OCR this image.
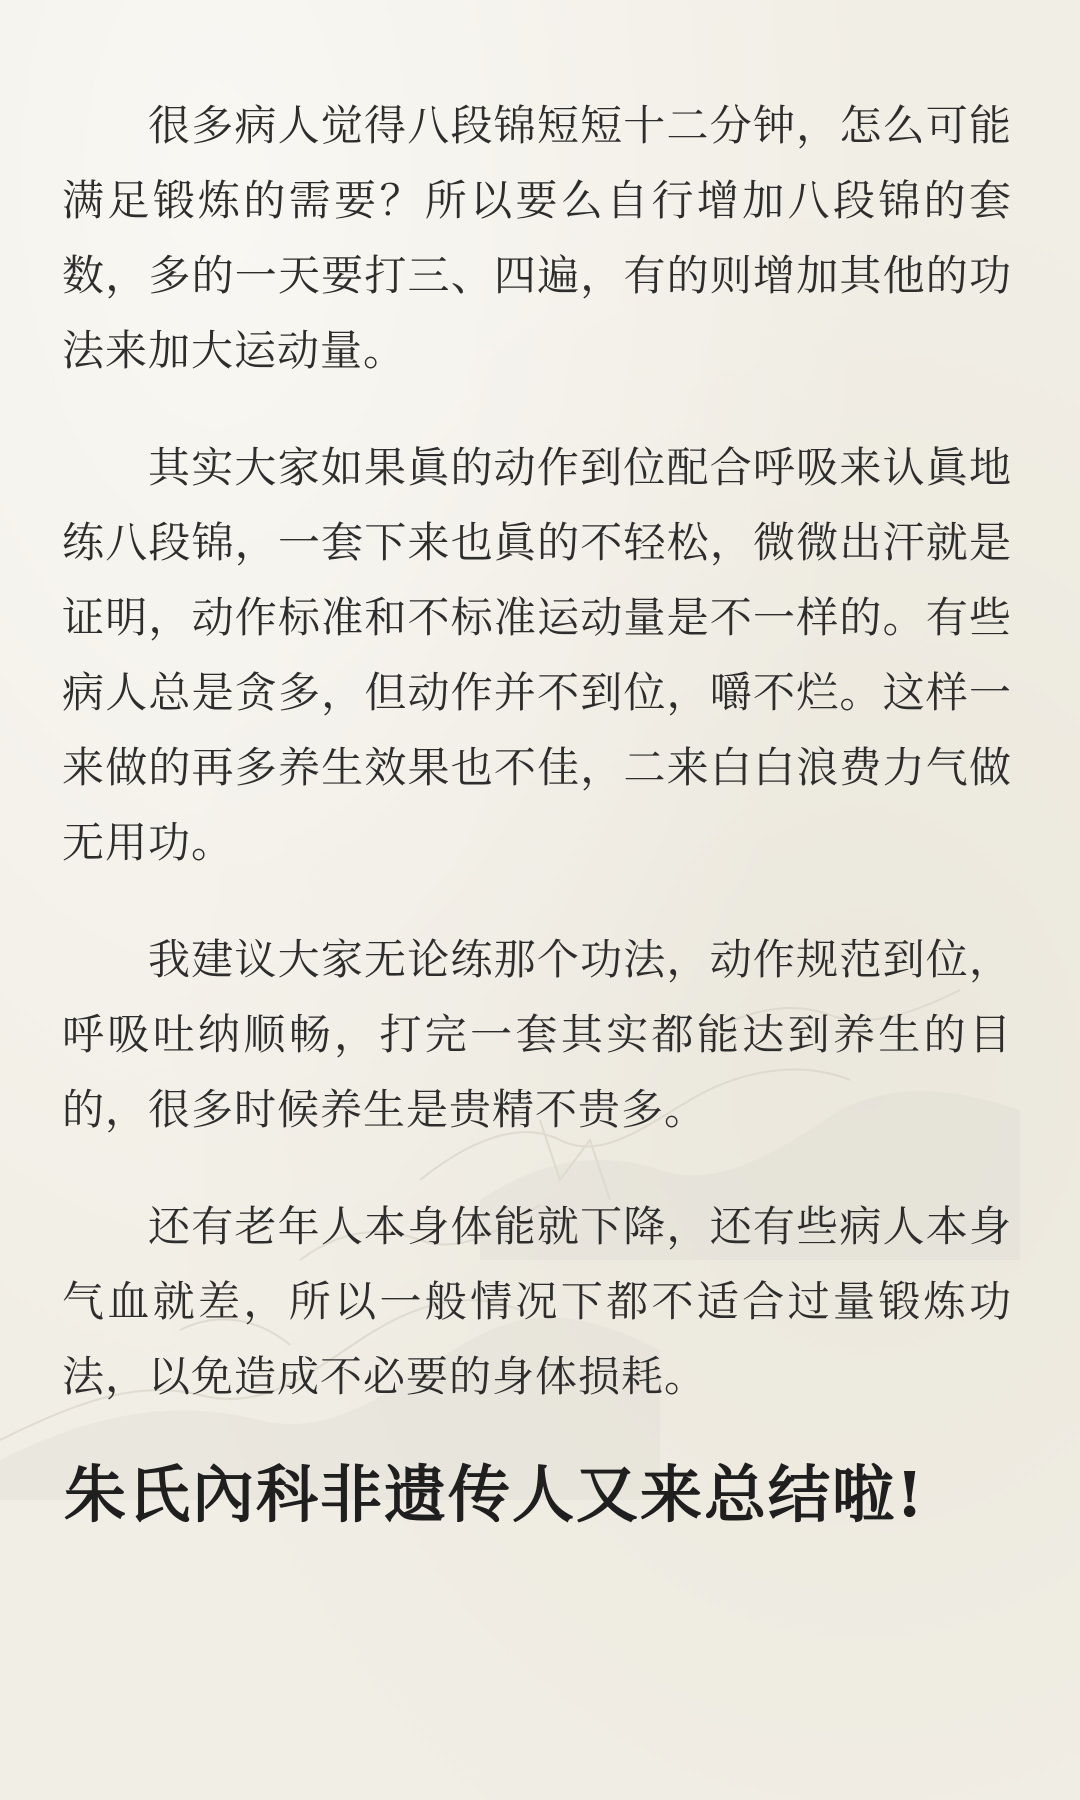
很多病人觉得八段锦短短十二分钟，怎么可能满足锻炼的需要？所以要么自行增加八段锦的套数，多的一天要打三、四遍，有的则增加其他的功法来加大运动量。

其实大家如果眞的动作到位配合呼吸来认眞地练八段锦，一套下来也眞的不轻松，微微出汗就是证明，动作标准和不标准运动量是不一样的。有些病人总是贪多，但动作并不到位，嚼不烂。这样一来做的再多养生效果也不佳，二来白白浪费力气做无用功。

我建议大家无论练那个功法，动作规范到位，呼吸吐纳顺畅，打完一套其实都能达到养生的目的，很多时候养生是贵精不贵多。

还有老年人本身体能就下降，还有些病人本身气血就差，所以一般情况下都不适合过量锻炼功法，以免造成不必要的身体损耗。

朱氏內科非遗传人又来总结啦!
